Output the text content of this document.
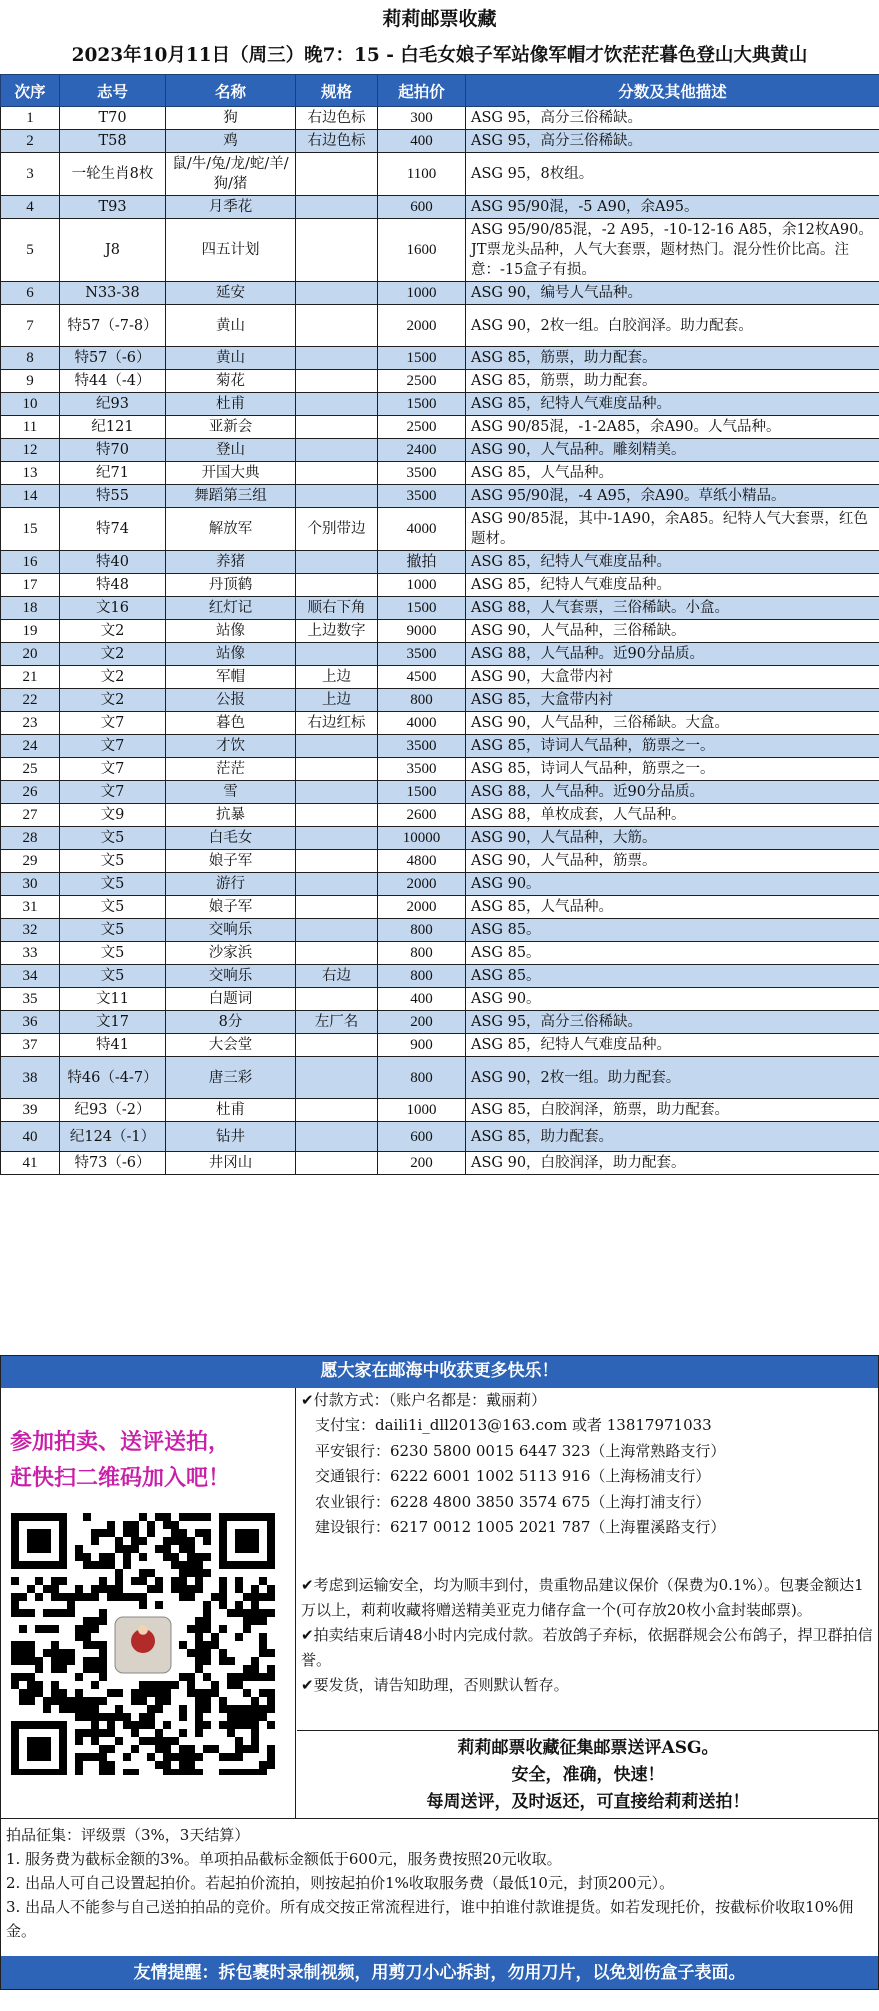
莉莉邮票收藏
2023年10月11日（周三）晚7：15 - 白毛女娘子军站像军帽才饮茫茫暮色登山大典黄山
次序	志号	名称	规格	起拍价	分数及其他描述
1	T70	狗	右边色标	300	ASG 95，高分三俗稀缺。
2	T58	鸡	右边色标	400	ASG 95，高分三俗稀缺。
3	一轮生肖8枚	鼠/牛/兔/龙/蛇/羊/狗/猪		1100	ASG 95，8枚组。
4	T93	月季花		600	ASG 95/90混，-5 A90，余A95。
5	J8	四五计划		1600	ASG 95/90/85混，-2 A95，-10-12-16 A85，余12枚A90。JT票龙头品种，人气大套票，题材热门。混分性价比高。注意：-15盒子有损。
6	N33-38	延安		1000	ASG 90，编号人气品种。
7	特57（-7-8）	黄山		2000	ASG 90，2枚一组。白胶润泽。助力配套。
8	特57（-6）	黄山		1500	ASG 85，筋票，助力配套。
9	特44（-4）	菊花		2500	ASG 85，筋票，助力配套。
10	纪93	杜甫		1500	ASG 85，纪特人气难度品种。
11	纪121	亚新会		2500	ASG 90/85混，-1-2A85，余A90。人气品种。
12	特70	登山		2400	ASG 90，人气品种。雕刻精美。
13	纪71	开国大典		3500	ASG 85，人气品种。
14	特55	舞蹈第三组		3500	ASG 95/90混，-4 A95，余A90。草纸小精品。
15	特74	解放军	个别带边	4000	ASG 90/85混，其中-1A90，余A85。纪特人气大套票，红色题材。
16	特40	养猪		撤拍	ASG 85，纪特人气难度品种。
17	特48	丹顶鹤		1000	ASG 85，纪特人气难度品种。
18	文16	红灯记	顺右下角	1500	ASG 88，人气套票，三俗稀缺。小盒。
19	文2	站像	上边数字	9000	ASG 90，人气品种，三俗稀缺。
20	文2	站像		3500	ASG 88，人气品种。近90分品质。
21	文2	军帽	上边	4500	ASG 90，大盒带内衬
22	文2	公报	上边	800	ASG 85，大盒带内衬
23	文7	暮色	右边红标	4000	ASG 90，人气品种，三俗稀缺。大盒。
24	文7	才饮		3500	ASG 85，诗词人气品种，筋票之一。
25	文7	茫茫		3500	ASG 85，诗词人气品种，筋票之一。
26	文7	雪		1500	ASG 88，人气品种。近90分品质。
27	文9	抗暴		2600	ASG 88，单枚成套，人气品种。
28	文5	白毛女		10000	ASG 90，人气品种，大筋。
29	文5	娘子军		4800	ASG 90，人气品种，筋票。
30	文5	游行		2000	ASG 90。
31	文5	娘子军		2000	ASG 85，人气品种。
32	文5	交响乐		800	ASG 85。
33	文5	沙家浜		800	ASG 85。
34	文5	交响乐	右边	800	ASG 85。
35	文11	白题词		400	ASG 90。
36	文17	8分	左厂名	200	ASG 95，高分三俗稀缺。
37	特41	大会堂		900	ASG 85，纪特人气难度品种。
38	特46（-4-7）	唐三彩		800	ASG 90，2枚一组。助力配套。
39	纪93（-2）	杜甫		1000	ASG 85，白胶润泽，筋票，助力配套。
40	纪124（-1）	钻井		600	ASG 85，助力配套。
41	特73（-6）	井冈山		200	ASG 90，白胶润泽，助力配套。
愿大家在邮海中收获更多快乐！
参加拍卖、送评送拍，
赶快扫二维码加入吧！
✔付款方式：（账户名都是：戴丽莉）
支付宝：daili1i_dll2013@163.com 或者 13817971033
平安银行：6230 5800 0015 6447 323（上海常熟路支行）
交通银行：6222 6001 1002 5113 916（上海杨浦支行）
农业银行：6228 4800 3850 3574 675（上海打浦支行）
建设银行：6217 0012 1005 2021 787（上海瞿溪路支行）
✔考虑到运输安全，均为顺丰到付，贵重物品建议保价（保费为0.1%）。包裹金额达1万以上，莉莉收藏将赠送精美亚克力储存盒一个(可存放20枚小盒封装邮票)。
✔拍卖结束后请48小时内完成付款。若放鸽子弃标，依据群规会公布鸽子，捍卫群拍信誉。
✔要发货，请告知助理，否则默认暂存。
莉莉邮票收藏征集邮票送评ASG。
安全，准确，快速！
每周送评，及时返还，可直接给莉莉送拍！
拍品征集：评级票（3%，3天结算）
1. 服务费为截标金额的3%。单项拍品截标金额低于600元，服务费按照20元收取。
2. 出品人可自己设置起拍价。若起拍价流拍，则按起拍价1%收取服务费（最低10元，封顶200元）。
3. 出品人不能参与自己送拍拍品的竞价。所有成交按正常流程进行，谁中拍谁付款谁提货。如若发现托价，按截标价收取10%佣金。
友情提醒：拆包裹时录制视频，用剪刀小心拆封，勿用刀片，以免划伤盒子表面。
